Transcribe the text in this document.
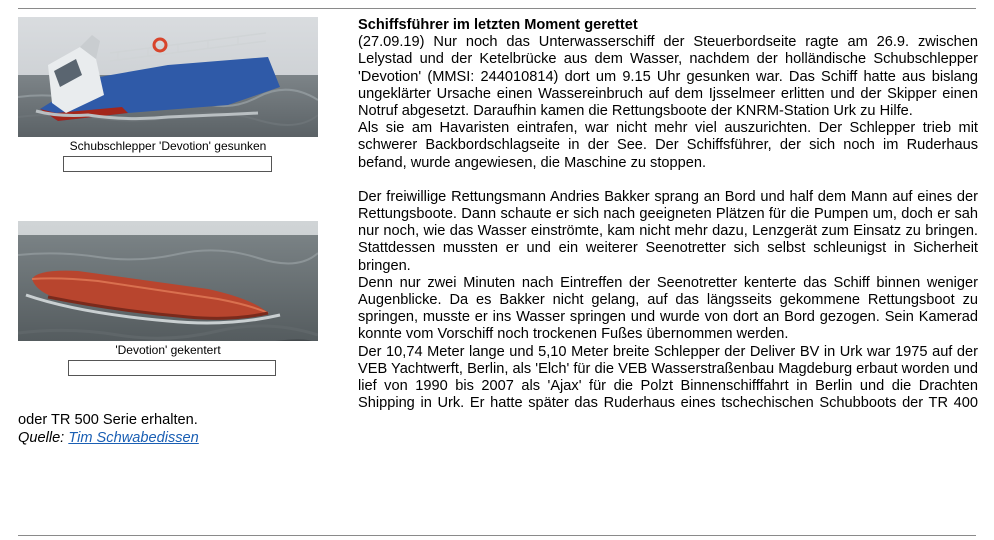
Schubschlepper 'Devotion' gesunken
'Devotion' gekentert
Schiffsführer im letzten Moment gerettet

(27.09.19) Nur noch das Unterwasserschiff der Steuerbordseite ragte am 26.9. zwischen Lelystad und der Ketelbrücke aus dem Wasser, nachdem der holländische Schubschlepper 'Devotion' (MMSI: 244010814) dort um 9.15 Uhr gesunken war. Das Schiff hatte aus bislang ungeklärter Ursache einen Wassereinbruch auf dem Ijsselmeer erlitten und der Skipper einen Notruf abgesetzt. Daraufhin kamen die Rettungsboote der KNRM-Station Urk zu Hilfe.

Als sie am Havaristen eintrafen, war nicht mehr viel auszurichten. Der Schlepper trieb mit schwerer Backbordschlagseite in der See. Der Schiffsführer, der sich noch im Ruderhaus befand, wurde angewiesen, die Maschine zu stoppen.

Der freiwillige Rettungsmann Andries Bakker sprang an Bord und half dem Mann auf eines der Rettungsboote. Dann schaute er sich nach geeigneten Plätzen für die Pumpen um, doch er sah nur noch, wie das Wasser einströmte, kam nicht mehr dazu, Lenzgerät zum Einsatz zu bringen. Stattdessen mussten er und ein weiterer Seenotretter sich selbst schleunigst in Sicherheit bringen.

Denn nur zwei Minuten nach Eintreffen der Seenotretter kenterte das Schiff binnen weniger Augenblicke. Da es Bakker nicht gelang, auf das längsseits gekommene Rettungsboot zu springen, musste er ins Wasser springen und wurde von dort an Bord gezogen. Sein Kamerad konnte vom Vorschiff noch trockenen Fußes übernommen werden.

Der 10,74 Meter lange und 5,10 Meter breite Schlepper der Deliver BV in Urk war 1975 auf der VEB Yachtwerft, Berlin, als 'Elch' für die VEB Wasserstraßenbau Magdeburg erbaut worden und lief von 1990 bis 2007 als 'Ajax' für die Polzt Binnenschifffahrt in Berlin und die Drachten Shipping in Urk. Er hatte später das Ruderhaus eines tschechischen Schubboots der TR 400 oder TR 500 Serie erhalten.

Quelle: Tim Schwabedissen
